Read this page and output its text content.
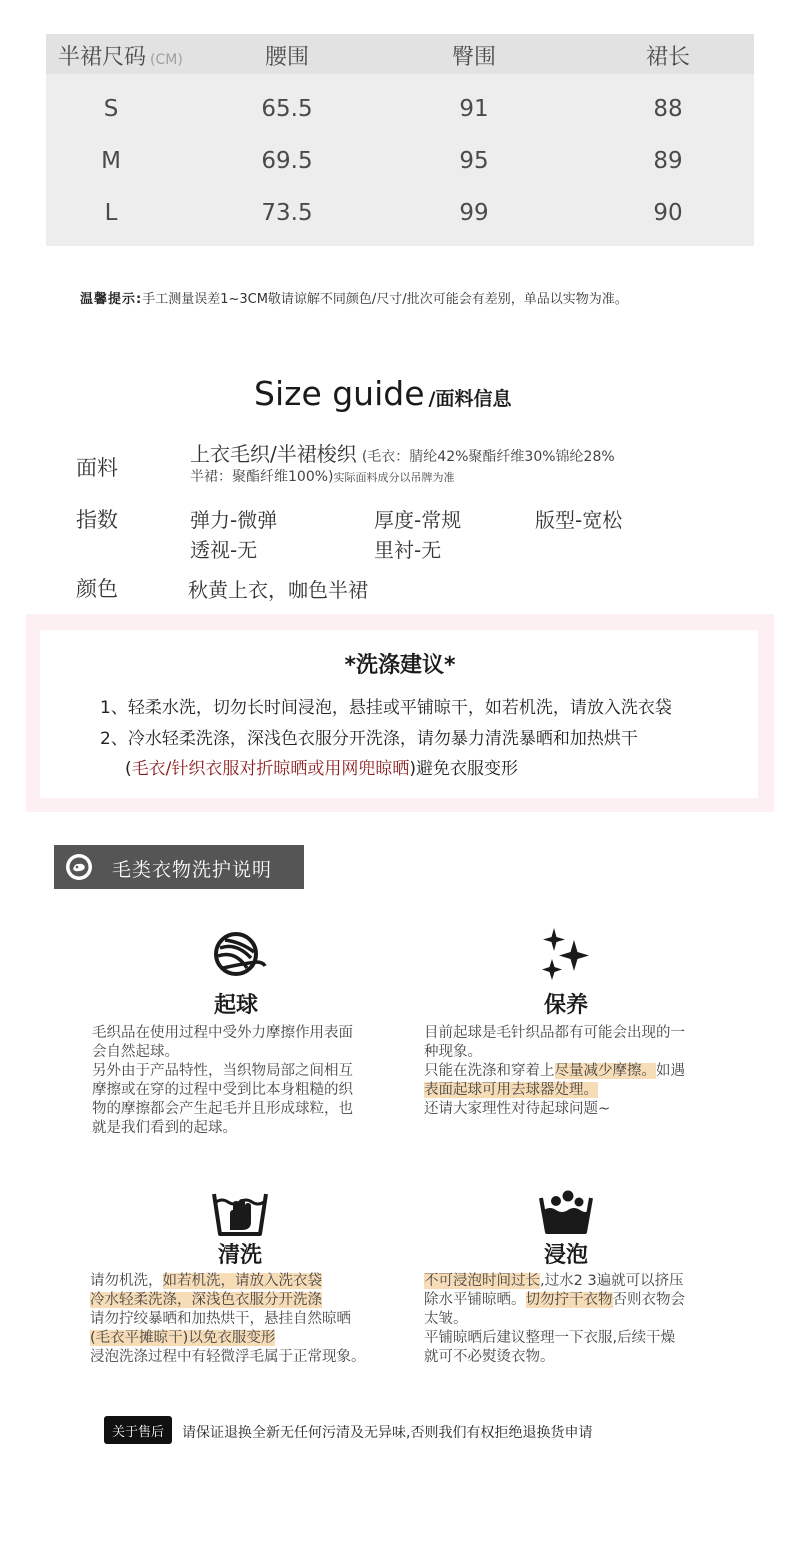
半裙尺码 (CM)	腰围	臀围	裙长
S	65.5	91	88
M	69.5	95	89
L	73.5	99	90
温馨提示:手工测量误差1~3CM敬请谅解不同颜色/尺寸/批次可能会有差别，单品以实物为准。
Size guide /面料信息
面料
上衣毛织/半裙梭织 (毛衣：腈纶42%聚酯纤维30%锦纶28%
半裙：聚酯纤维100%)实际面料成分以吊牌为准
指数	弹力-微弹	厚度-常规	版型-宽松
透视-无	里衬-无
颜色	秋黄上衣，咖色半裙
*洗涤建议*
1、轻柔水洗，切勿长时间浸泡，悬挂或平铺晾干，如若机洗，请放入洗衣袋
2、冷水轻柔洗涤，深浅色衣服分开洗涤，请勿暴力清洗暴晒和加热烘干
(毛衣/针织衣服对折晾晒或用网兜晾晒)避免衣服变形
毛类衣物洗护说明
起球

毛织品在使用过程中受外力摩擦作用表面

会自然起球。

另外由于产品特性，当织物局部之间相互

摩擦或在穿的过程中受到比本身粗糙的织

物的摩擦都会产生起毛并且形成球粒，也

就是我们看到的起球。

保养

目前起球是毛针织品都有可能会出现的一

种现象。

只能在洗涤和穿着上尽量减少摩擦。如遇

表面起球可用去球器处理。

还请大家理性对待起球问题~

清洗

请勿机洗，如若机洗，请放入洗衣袋

冷水轻柔洗涤，深浅色衣服分开洗涤

请勿拧绞暴晒和加热烘干，悬挂自然晾晒

(毛衣平摊晾干)以免衣服变形

浸泡洗涤过程中有轻微浮毛属于正常现象。

浸泡

不可浸泡时间过长,过水2 3遍就可以挤压

除水平铺晾晒。切勿拧干衣物否则衣物会

太皱。

平铺晾晒后建议整理一下衣服,后续干燥

就可不必熨烫衣物。

关于售后	请保证退换全新无任何污清及无异味,否则我们有权拒绝退换货申请
